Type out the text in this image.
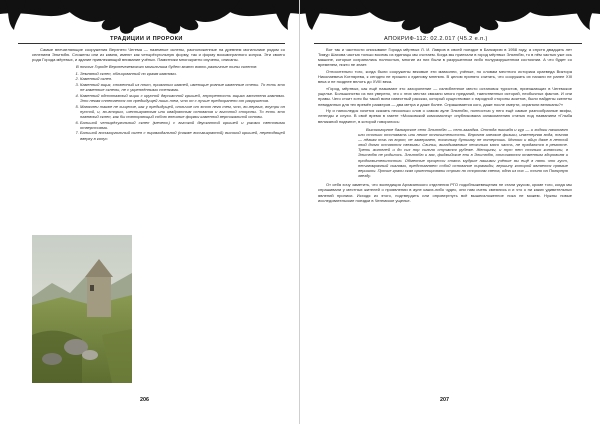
ТРАДИЦИИ И ПРОРОКИ

Самые впечатляющие сооружения Верхнего Чегема — наземные склепы, расположенные на древнем могильнике рядом со селением Эльтюбю. Сложены они из камня, имеют как четырёхугольную форму, так и форму восьмигранного конуса. Эти своего рода Города мёртвых, и здание привлекающий внимание учёных. Памятники многократно изучены, описаны.

В ночных Городе Верхнечегемского могильника будет можно взять различные типы склепов:

1. Земляной склеп, облицованный по краям камнями.
2. Каменный склеп.
3. Каменный ящик, сложенный из плит, прижатых камней, имеющие ровные каменные стены. То есть это не каменные склепы, не с укреплёнными стенками.
4. Каменный одноэтажный ящик с крупной двускатной крышей, внутренность ящика заполнена камнями. Это некая сплетается от предыдущей лишь тем, что он с лучше предохранено от разрушения.
5. Мавзолеи также не хищение, как у предыдущей, отличие от этот него тем, что, во-первых, внутри он пустой, и, во-вторых, шестигранным или квадратным основания и высотой стороны. То есть это наземный склеп, как бы повторяющий собою внешние формы каменной вертикальной основы.
6. Большой четырёхугольный склеп (мечеть) с высокой двускатной крышей и узкими световыми отверстиями.
7. Большой восьмиугольный склеп с пирамидальной (также восьмигранной) высокой крышей, переходящей вверху в конус.
206
АПОКРИФ-112: 02.2.017 (Ч5.2 е.п.)

Вот так и частности описывают Города мёртвых Л. И. Лавров в своей поездке в Балкарию в 1958 году, а спустя двадцать лет Тимур Шахова частью только восемь из единицы мы считаем. Когда мы приехали в город мёртвых Эльтюбю, то в нём частью уже ось машине, которые сохранились полностью, многие из них были в разрушенном либо полуразрушенном состоянии. А что будет со временем, никто не знает.

Относительно того, когда были сооружены вековые эти мавзолеи, учёные, по словам местного историка краеведа Виктора Николаевича Котляревa, к сегодня не пришли к единому мнению. В целом принято считать, что сооружать их начали не ранее XIII века и не позднее вплоть до XVIII века.

«Город, мёртвых, как ещё называют это захоронение — излюбленное место остановок туристов, приезжающих в Чегемское ущелье. Большинство из них уверено, что с этих местах связано много преданий, таинственных историй, необычных фактов. И они правы. Чего стоит хотя бы такой всем известный рассказ, который существовал с народной стороны аскетов, были найдены скелеты невиданных для тех времён размеров — два метра и даже более. Спрашивается кого, даже после смерти, охраняли великаны?»

Ну и напоследок хочется сказать несколько слов о самом ауле Эльтюбю, полностью у него ещё самые разнообразные мифы, легенды и слухи. В своё время в газете «Московский комсомолец» опубликовала ознакомлению статью под названием «Глыба великаной подвиги», в которой говорилось:

Высокогорное балкарское село Эльтюбю — село-загадка. Отсюда никогда и кур — и ходоки начинают или столько отставать или некое отличительность. Впрочем заезжие физики, инженерная вода, ночная — лёгкая ночь на ворон, не замерзает, поскольку бутылку не потерпишь. Молоко и яйцо даже в летний зной долго остаются свежими. Свиньи, вкладываемые несколько мясо часть, не нуждаются в ремонте. Треть жителей и до сих пор сильно стучатся рубеже. Женщины, и тут нет столько кипятили, в Эльтюбю не родились. Эльтюбю и вас, фиджийские ели в Эльтюбю, отличаются отменным здоровьем и продолжительностью. Обменные процессы стать мудрые нашимы учёные вы ещё в пять что густ, песчаюмрачный скалами, представляет собой основание пирамиды, вершину которой является прямые вершины. Прочие грани скал ориентированы строго по сторонам света, одна из них — точно на Полярную звезду.

От себя хочу заметить, что экспедиция Архаиинского отделения РГО подобныжевещения не стали укусом, кроме того, когда мы спрашивали у местных жителей о проявлении в ауле каких-либо чудес, они нам очень смеялись и и что о ни каких удивительных явлений прописи. Исходя из этого, подтвердить или опровергнуть всё вышеизложенное пока не можем. Нужны новые исследовательские поездки в Чегемское ущелье.

207
